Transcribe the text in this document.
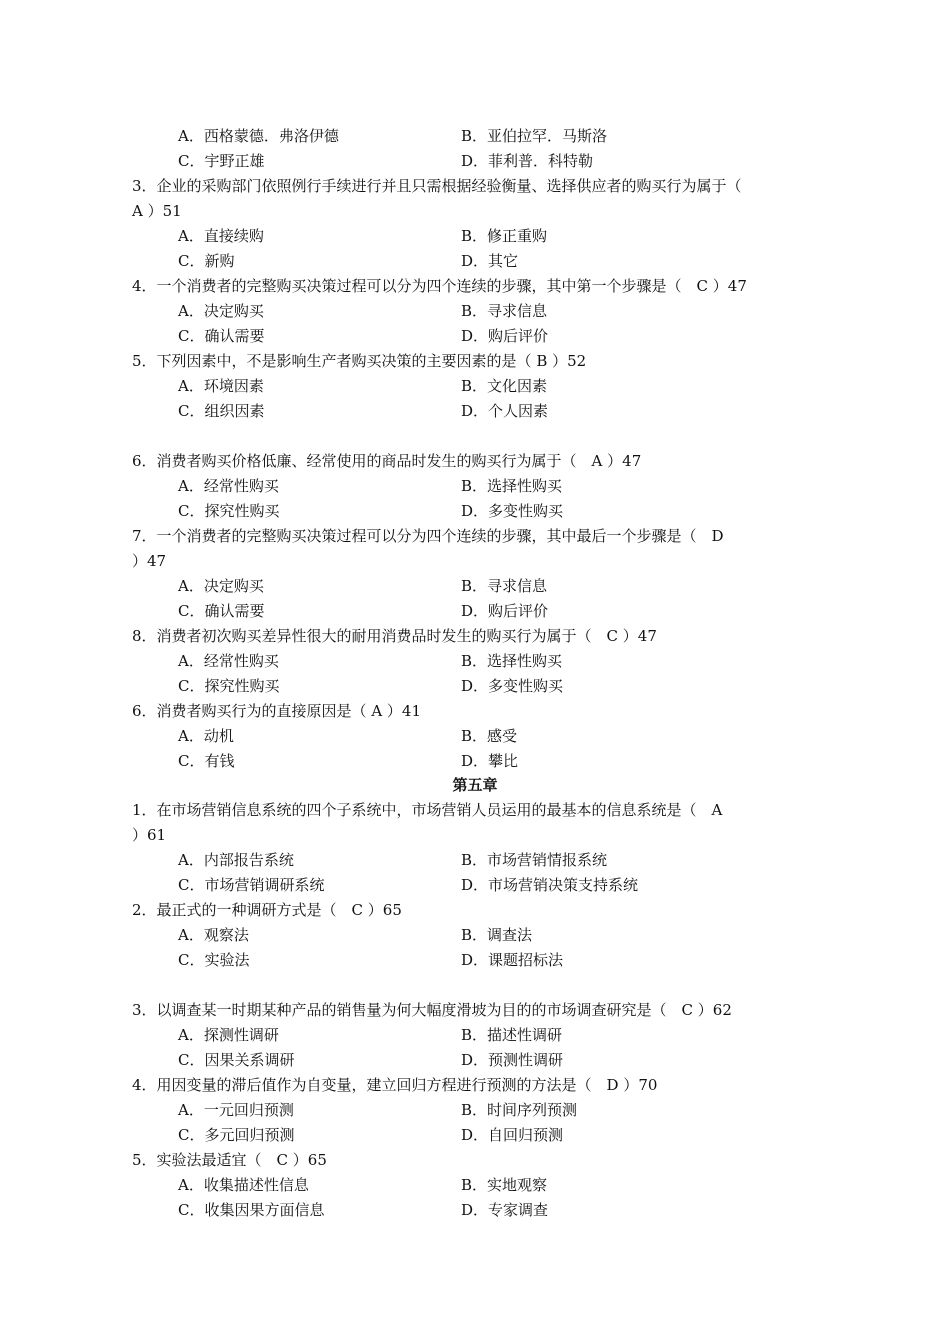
A．西格蒙德．弗洛伊德	B．亚伯拉罕．马斯洛
C．宇野正雄	D．菲利普．科特勒
3．企业的采购部门依照例行手续进行并且只需根据经验衡量、选择供应者的购买行为属于（
A ）51
A．直接续购	B．修正重购
C．新购	D．其它
4．一个消费者的完整购买决策过程可以分为四个连续的步骤，其中第一个步骤是（　C ）47
A．决定购买	B．寻求信息
C．确认需要	D．购后评价
5．下列因素中，不是影响生产者购买决策的主要因素的是（ B ）52
A．环境因素	B．文化因素
C．组织因素	D．个人因素
6．消费者购买价格低廉、经常使用的商品时发生的购买行为属于（　A ）47
A．经常性购买	B．选择性购买
C．探究性购买	D．多变性购买
7．一个消费者的完整购买决策过程可以分为四个连续的步骤，其中最后一个步骤是（　D
）47
A．决定购买	B．寻求信息
C．确认需要	D．购后评价
8．消费者初次购买差异性很大的耐用消费品时发生的购买行为属于（　C ）47
A．经常性购买	B．选择性购买
C．探究性购买	D．多变性购买
6．消费者购买行为的直接原因是（ A ）41
A．动机	B．感受
C．有钱	D．攀比
第五章
1．在市场营销信息系统的四个子系统中，市场营销人员运用的最基本的信息系统是（　A
）61
A．内部报告系统	B．市场营销情报系统
C．市场营销调研系统	D．市场营销决策支持系统
2．最正式的一种调研方式是（　C ）65
A．观察法	B．调查法
C．实验法	D．课题招标法
3．以调查某一时期某种产品的销售量为何大幅度滑坡为目的的市场调查研究是（　C ）62
A．探测性调研	B．描述性调研
C．因果关系调研	D．预测性调研
4．用因变量的滞后值作为自变量，建立回归方程进行预测的方法是（　D ）70
A．一元回归预测	B．时间序列预测
C．多元回归预测	D．自回归预测
5．实验法最适宜（　C ）65
A．收集描述性信息	B．实地观察
C．收集因果方面信息	D．专家调查
